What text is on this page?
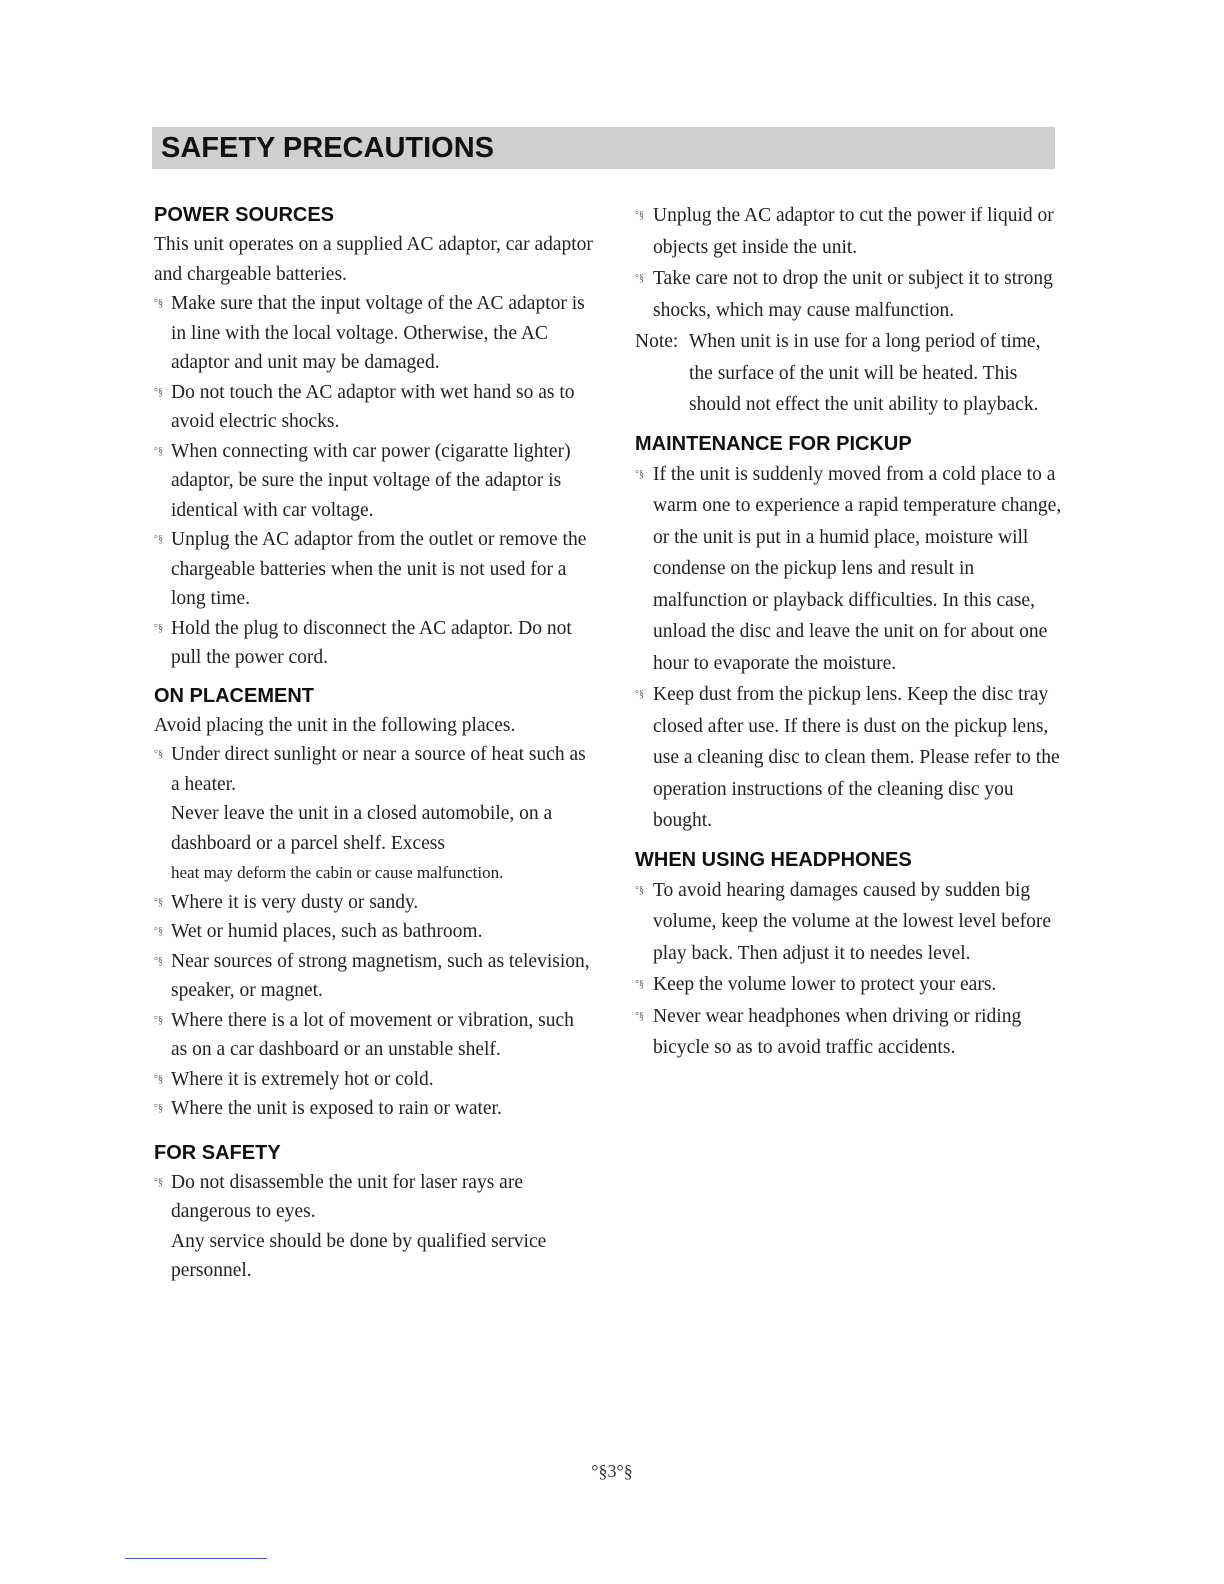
SAFETY PRECAUTIONS

POWER SOURCES

This unit operates on a supplied AC adaptor, car adaptor and chargeable batteries.

°§ Make sure that the input voltage of the AC adaptor is in line with the local voltage. Otherwise, the AC adaptor and unit may be damaged.

°§ Do not touch the AC adaptor with wet hand so as to avoid electric shocks.

°§ When connecting with car power (cigaratte lighter) adaptor, be sure the input voltage of the adaptor is identical with car voltage.

°§ Unplug the AC adaptor from the outlet or remove the chargeable batteries when the unit is not used for a long time.

°§ Hold the plug to disconnect the AC adaptor. Do not pull the power cord.

ON PLACEMENT

Avoid placing the unit in the following places.

°§ Under direct sunlight or near a source of heat such as a heater.

Never leave the unit in a closed automobile, on a dashboard or a parcel shelf. Excess

heat may deform the cabin or cause malfunction.

°§ Where it is very dusty or sandy.

°§ Wet or humid places, such as bathroom.

°§ Near sources of strong magnetism, such as television, speaker, or magnet.

°§ Where there is a lot of movement or vibration, such as on a car dashboard or an unstable shelf.

°§ Where it is extremely hot or cold.

°§ Where the unit is exposed to rain or water.

FOR SAFETY

°§ Do not disassemble the unit for laser rays are dangerous to eyes.

Any service should be done by qualified service personnel.

°§ Unplug the AC adaptor to cut the power if liquid or objects get inside the unit.

°§ Take care not to drop the unit or subject it to strong shocks, which may cause malfunction.

Note: When unit is in use for a long period of time, the surface of the unit will be heated. This should not effect the unit ability to playback.

MAINTENANCE FOR PICKUP

°§ If the unit is suddenly moved from a cold place to a warm one to experience a rapid temperature change, or the unit is put in a humid place, moisture will condense on the pickup lens and result in malfunction or playback difficulties. In this case, unload the disc and leave the unit on for about one hour to evaporate the moisture.

°§ Keep dust from the pickup lens. Keep the disc tray closed after use. If there is dust on the pickup lens, use a cleaning disc to clean them. Please refer to the operation instructions of the cleaning disc you bought.

WHEN USING HEADPHONES

°§ To avoid hearing damages caused by sudden big volume, keep the volume at the lowest level before play back. Then adjust it to needes level.

°§ Keep the volume lower to protect your ears.

°§ Never wear headphones when driving or riding bicycle so as to avoid traffic accidents.

°§3°§
